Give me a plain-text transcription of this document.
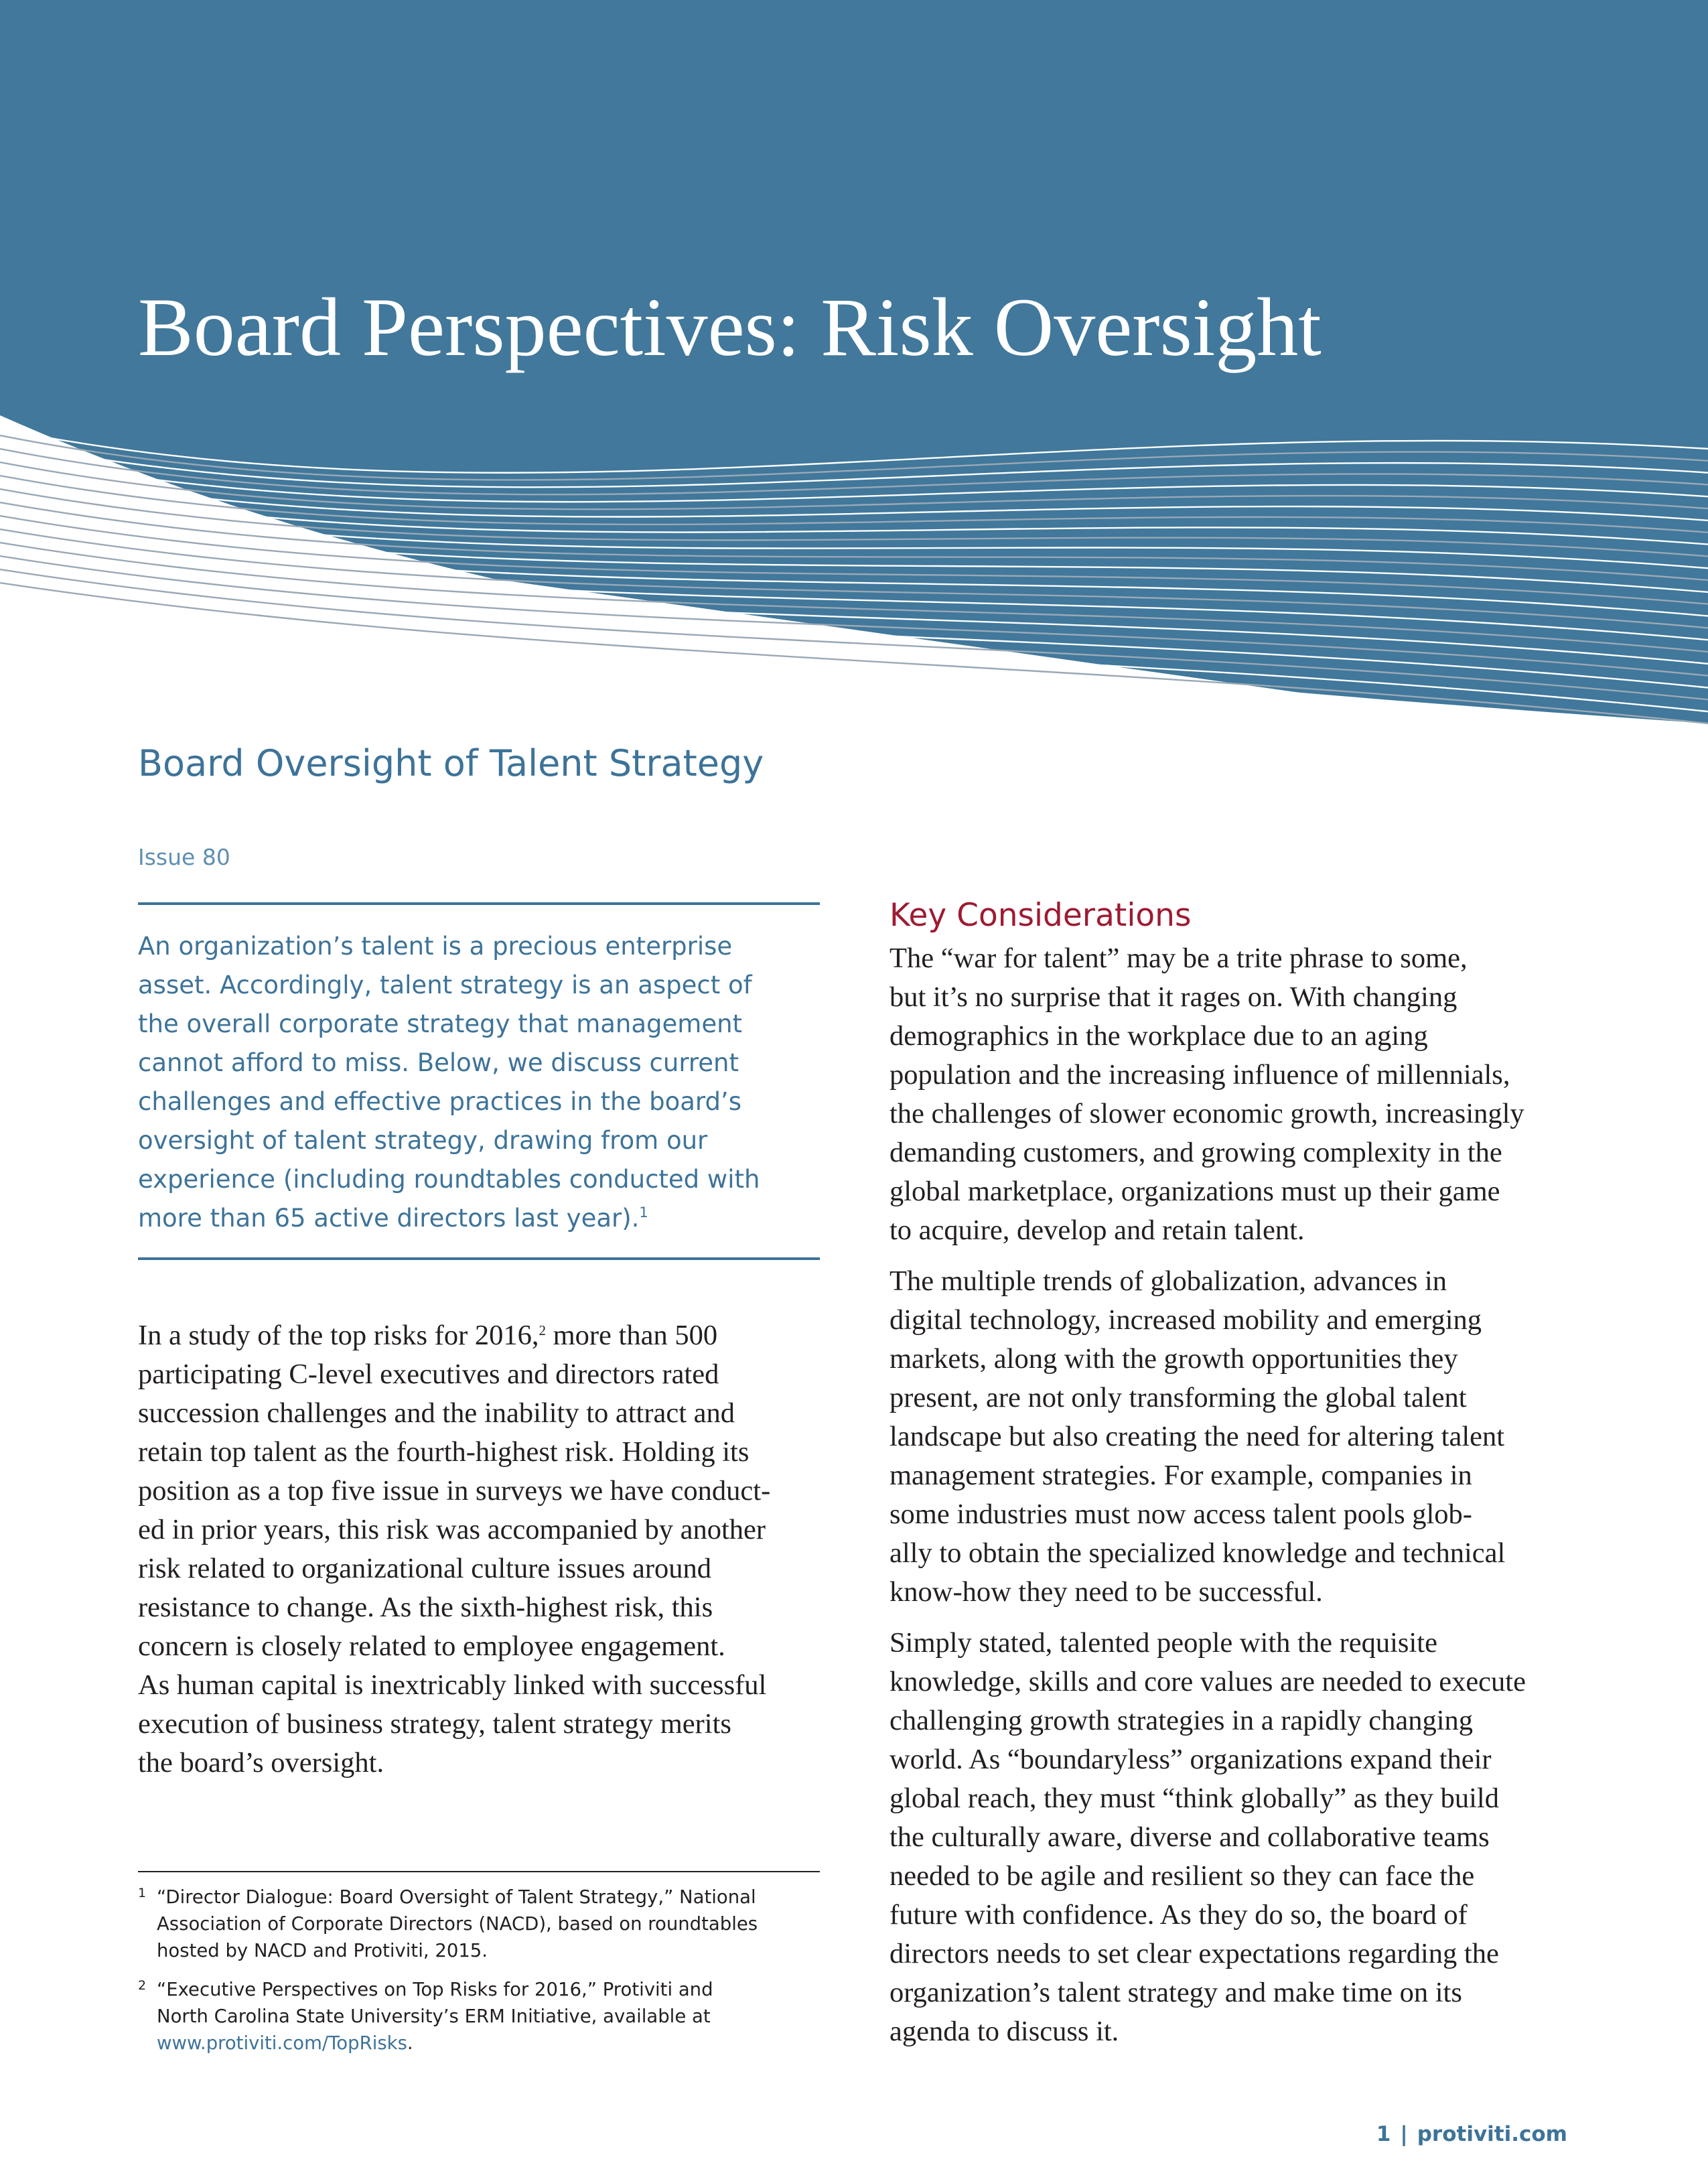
Board Perspectives: Risk Oversight
Board Oversight of Talent Strategy
Issue 80
An organization’s talent is a precious enterprise
asset. Accordingly, talent strategy is an aspect of
the overall corporate strategy that management
cannot afford to miss. Below, we discuss current
challenges and effective practices in the board’s
oversight of talent strategy, drawing from our
experience (including roundtables conducted with
more than 65 active directors last year).$^1$
In a study of the top risks for 2016,$^2$ more than 500
participating C-level executives and directors rated
succession challenges and the inability to attract and
retain top talent as the fourth-highest risk. Holding its
position as a top five issue in surveys we have conduct-
ed in prior years, this risk was accompanied by another
risk related to organizational culture issues around
resistance to change. As the sixth-highest risk, this
concern is closely related to employee engagement.
As human capital is inextricably linked with successful
execution of business strategy, talent strategy merits
the board’s oversight.
Key Considerations
The “war for talent” may be a trite phrase to some,
but it’s no surprise that it rages on. With changing
demographics in the workplace due to an aging
population and the increasing influence of millennials,
the challenges of slower economic growth, increasingly
demanding customers, and growing complexity in the
global marketplace, organizations must up their game
to acquire, develop and retain talent.
The multiple trends of globalization, advances in
digital technology, increased mobility and emerging
markets, along with the growth opportunities they
present, are not only transforming the global talent
landscape but also creating the need for altering talent
management strategies. For example, companies in
some industries must now access talent pools glob-
ally to obtain the specialized knowledge and technical
know-how they need to be successful.
Simply stated, talented people with the requisite
knowledge, skills and core values are needed to execute
challenging growth strategies in a rapidly changing
world. As “boundaryless” organizations expand their
global reach, they must “think globally” as they build
the culturally aware, diverse and collaborative teams
needed to be agile and resilient so they can face the
future with confidence. As they do so, the board of
directors needs to set clear expectations regarding the
organization’s talent strategy and make time on its
agenda to discuss it.
1 “Director Dialogue: Board Oversight of Talent Strategy,” National
Association of Corporate Directors (NACD), based on roundtables
hosted by NACD and Protiviti, 2015.
2 “Executive Perspectives on Top Risks for 2016,” Protiviti and
North Carolina State University’s ERM Initiative, available at
www.protiviti.com/TopRisks.
1 | protiviti.com
